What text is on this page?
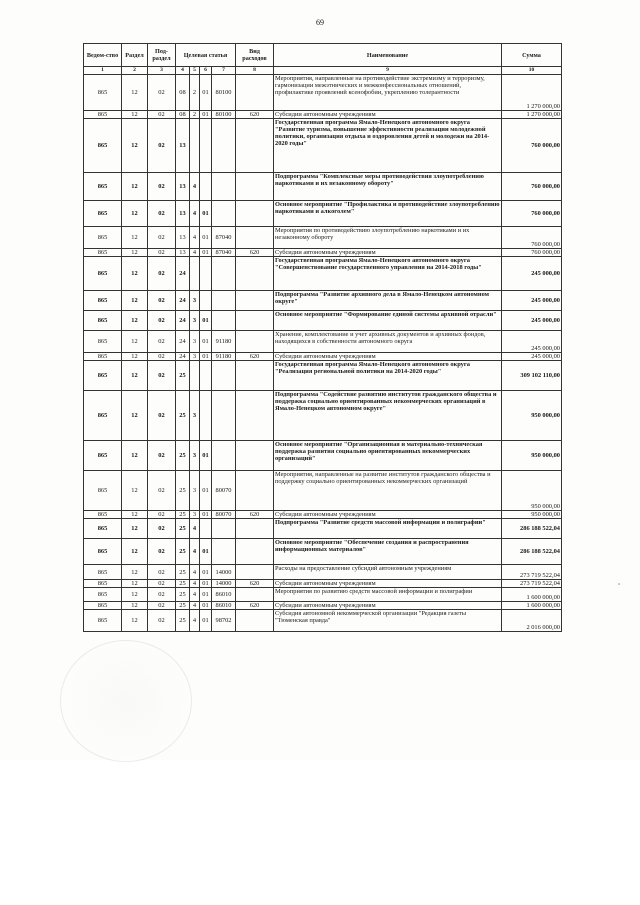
69
°
Ведом-ство	Раздел	Под-раздел	Целевая статья				Вид расходов	Наименование	Сумма
1	2	3	4	5	6	7	8	9	10
865	12	02	08	2	01	80100		Мероприятия, направленные на противодействие экстремизму и терроризму, гармонизации межэтнических и межконфессиональных отношений, профилактике проявлений ксенофобии, укреплению толерантности	1 270 000,00
865	12	02	08	2	01	80100	620	Субсидии автономным учреждениям	1 270 000,00
865	12	02	13					Государственная программа Ямало-Ненецкого автономного округа "Развитие туризма, повышение эффективности реализации молодежной политики, организация отдыха и оздоровления детей и молодежи на 2014-2020 годы"	760 000,00
865	12	02	13	4				Подпрограмма "Комплексные меры противодействия злоупотреблению наркотиками и их незаконному обороту"	760 000,00
865	12	02	13	4	01			Основное мероприятие "Профилактика и противодействие злоупотреблению наркотиками и алкоголем"	760 000,00
865	12	02	13	4	01	87040		Мероприятия по противодействию злоупотреблению наркотиками и их незаконному обороту	760 000,00
865	12	02	13	4	01	87040	620	Субсидии автономным учреждениям	760 000,00
865	12	02	24					Государственная программа Ямало-Ненецкого автономного округа "Совершенствование государственного управления на 2014-2018 годы"	245 000,00
865	12	02	24	3				Подпрограмма "Развитие архивного дела в Ямало-Ненецком автономном округе"	245 000,00
865	12	02	24	3	01			Основное мероприятие "Формирование единой системы архивной отрасли"	245 000,00
865	12	02	24	3	01	91180		Хранение, комплектование и учет архивных документов и архивных фондов, находящихся в собственности автономного округа	245 000,00
865	12	02	24	3	01	91180	620	Субсидии автономным учреждениям	245 000,00
865	12	02	25					Государственная программа Ямало-Ненецкого автономного округа "Реализация региональной политики на 2014-2020 годы"	309 102 110,00
865	12	02	25	3				Подпрограмма "Содействие развитию институтов гражданского общества и поддержка социально ориентированных некоммерческих организаций в Ямало-Ненецком автономном округе"	950 000,00
865	12	02	25	3	01			Основное мероприятие "Организационная и материально-техническая поддержка развития социально ориентированных некоммерческих организаций"	950 000,00
865	12	02	25	3	01	80070		Мероприятия, направленные на развитие институтов гражданского общества и поддержку социально ориентированных некоммерческих организаций	950 000,00
865	12	02	25	3	01	80070	620	Субсидии автономным учреждениям	950 000,00
865	12	02	25	4				Подпрограмма "Развитие средств массовой информации и полиграфии"	286 188 522,04
865	12	02	25	4	01			Основное мероприятие "Обеспечение создания и распространения информационных материалов"	286 188 522,04
865	12	02	25	4	01	14000		Расходы на предоставление субсидий автономным учреждениям	273 719 522,04
865	12	02	25	4	01	14000	620	Субсидии автономным учреждениям	273 719 522,04
865	12	02	25	4	01	86010		Мероприятия по развитию средств массовой информации и полиграфии	1 600 000,00
865	12	02	25	4	01	86010	620	Субсидии автономным учреждениям	1 600 000,00
865	12	02	25	4	01	98702		Субсидия автономной некоммерческой организации "Редакция газеты "Тюменская правда"	2 016 000,00
